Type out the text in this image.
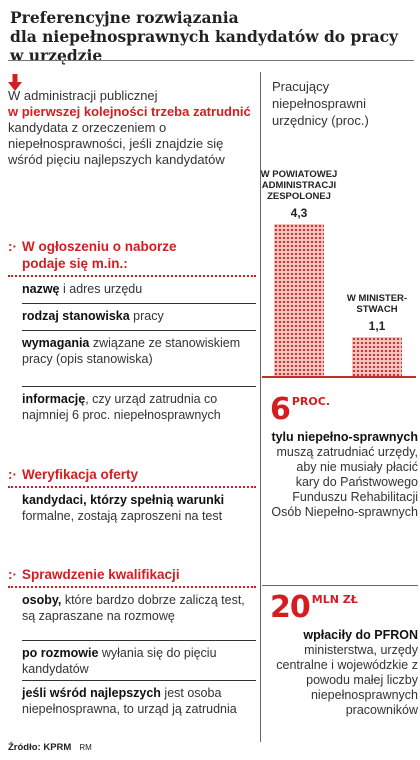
Preferencyjne rozwiązania
dla niepełnosprawnych kandydatów do pracy w urzędzie
W administracji publicznej
w pierwszej kolejności trzeba zatrudnić kandydata z orzeczeniem o niepełnosprawności, jeśli znajdzie się wśród pięciu najlepszych kandydatów
:· W ogłoszeniu o naborze
podaje się m.in.:
nazwę i adres urzędu
rodzaj stanowiska pracy
wymagania związane ze stanowiskiem pracy (opis stanowiska)
informację, czy urząd zatrudnia co najmniej 6 proc. niepełnosprawnych
:· Weryfikacja oferty
kandydaci, którzy spełnią warunki formalne, zostają zaproszeni na test
:· Sprawdzenie kwalifikacji
osoby, które bardzo dobrze zaliczą test, są zapraszane na rozmowę
po rozmowie wyłania się do pięciu kandydatów
jeśli wśród najlepszych jest osoba niepełnosprawna, to urząd ją zatrudnia
Pracujący niepełnosprawni urzędnicy (proc.)
4,3
W POWIATOWEJ ADMINISTRACJI ZESPOLONEJ
1,1
W MINISTER-STWACH
6 $^{PROC.}$
tylu niepełno-sprawnych muszą zatrudniać urzędy, aby nie musiały płacić kary do Państwowego Funduszu Rehabilitacji Osób Niepełno-sprawnych
20 $^{MLN ZŁ}$
wpłaciły do PFRON ministerstwa, urzędy centralne i wojewódzkie z powodu małej liczby niepełnosprawnych pracowników
Źródło: KPRM RM
